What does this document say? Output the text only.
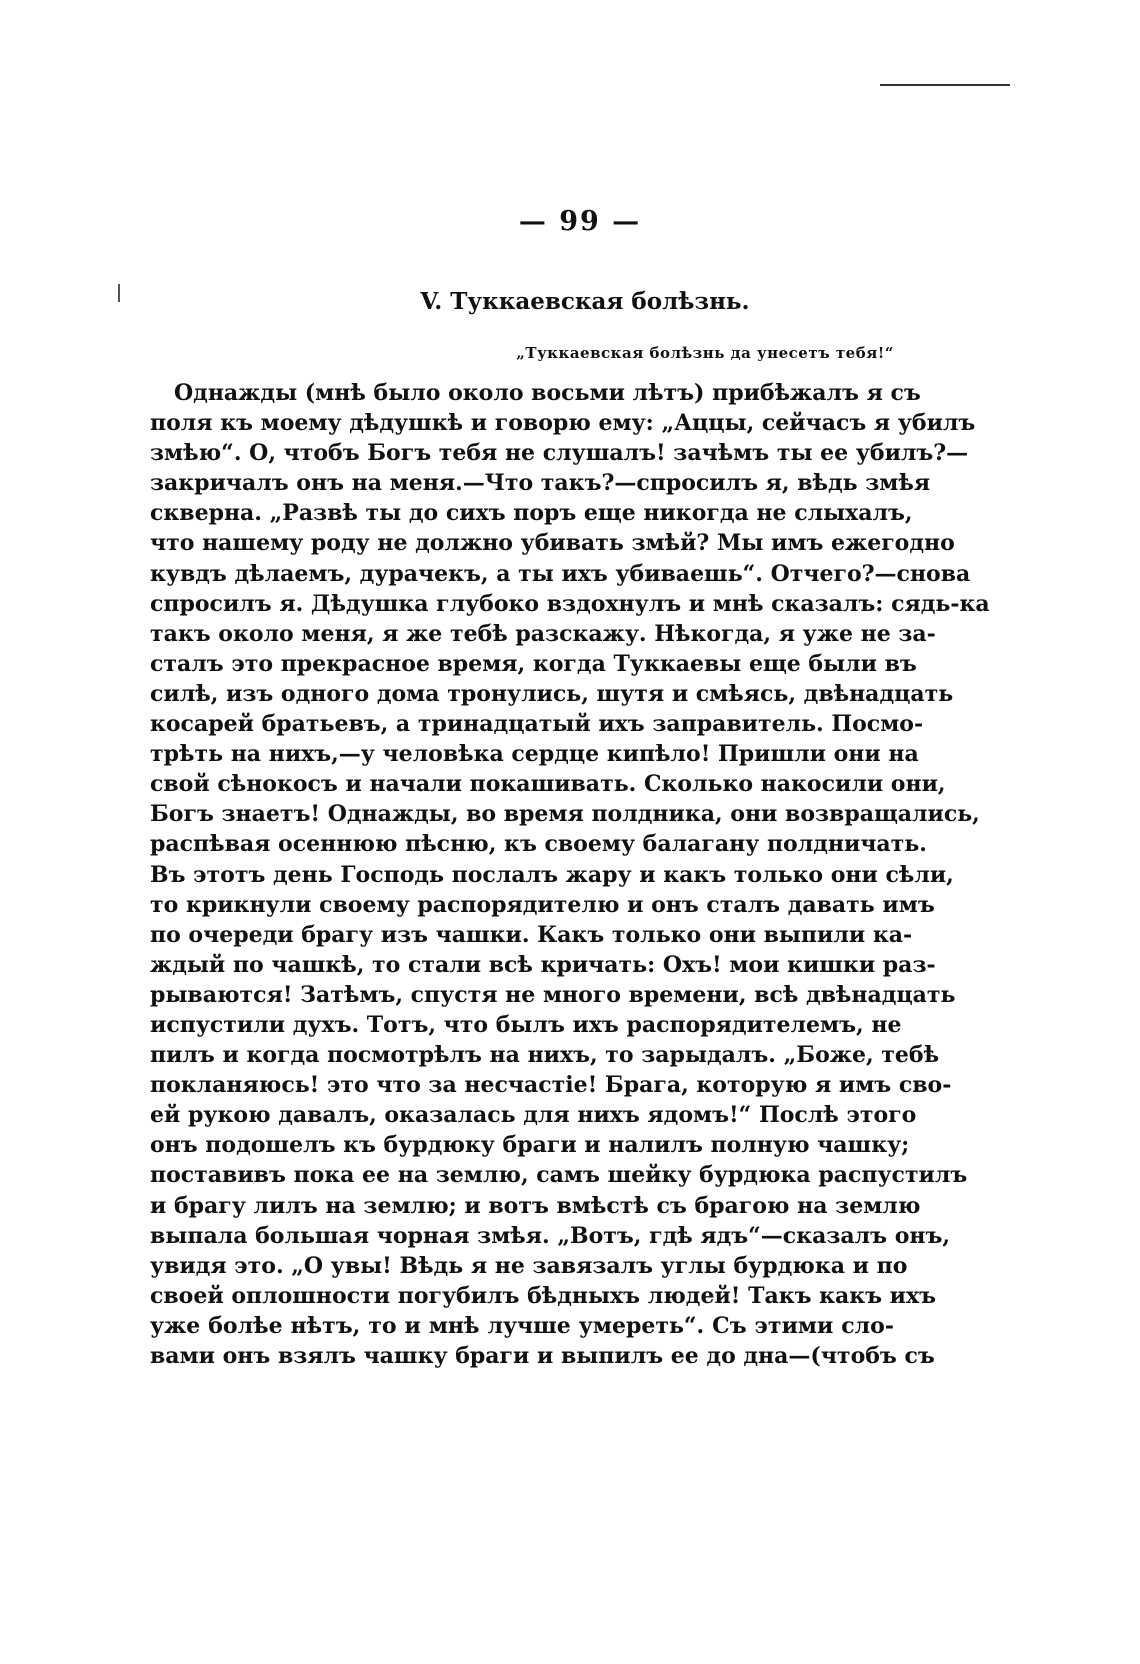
— 99 —
V. Туккаевская болѣзнь.
„Туккаевская болѣзнь да унесетъ тебя!“
Однажды (мнѣ было около восьми лѣтъ) прибѣжалъ я съ
поля къ моему дѣдушкѣ и говорю ему: „Аццы, сейчасъ я убилъ
змѣю“. О, чтобъ Богъ тебя не слушалъ! зачѣмъ ты ее убилъ?—
закричалъ онъ на меня.—Что такъ?—спросилъ я, вѣдь змѣя
скверна. „Развѣ ты до сихъ поръ еще никогда не слыхалъ,
что нашему роду не должно убивать змѣй? Мы имъ ежегодно
кувдъ дѣлаемъ, дурачекъ, а ты ихъ убиваешь“. Отчего?—снова
спросилъ я. Дѣдушка глубоко вздохнулъ и мнѣ сказалъ: сядь-ка
такъ около меня, я же тебѣ разскажу. Нѣкогда, я уже не за-
сталъ это прекрасное время, когда Туккаевы еще были въ
силѣ, изъ одного дома тронулись, шутя и смѣясь, двѣнадцать
косарей братьевъ, а тринадцатый ихъ заправитель. Посмо-
трѣть на нихъ,—у человѣка сердце кипѣло! Пришли они на
свой сѣнокосъ и начали покашивать. Сколько накосили они,
Богъ знаетъ! Однажды, во время полдника, они возвращались,
распѣвая осеннюю пѣсню, къ своему балагану полдничать.
Въ этотъ день Господь послалъ жару и какъ только они сѣли,
то крикнули своему распорядителю и онъ сталъ давать имъ
по очереди брагу изъ чашки. Какъ только они выпили ка-
ждый по чашкѣ, то стали всѣ кричать: Охъ! мои кишки раз-
рываются! Затѣмъ, спустя не много времени, всѣ двѣнадцать
испустили духъ. Тотъ, что былъ ихъ распорядителемъ, не
пилъ и когда посмотрѣлъ на нихъ, то зарыдалъ. „Боже, тебѣ
покланяюсь! это что за несчастіе! Брага, которую я имъ сво-
ей рукою давалъ, оказалась для нихъ ядомъ!“ Послѣ этого
онъ подошелъ къ бурдюку браги и налилъ полную чашку;
поставивъ пока ее на землю, самъ шейку бурдюка распустилъ
и брагу лилъ на землю; и вотъ вмѣстѣ съ брагою на землю
выпала большая чорная змѣя. „Вотъ, гдѣ ядъ“—сказалъ онъ,
увидя это. „О увы! Вѣдь я не завязалъ углы бурдюка и по
своей оплошности погубилъ бѣдныхъ людей! Такъ какъ ихъ
уже болѣе нѣтъ, то и мнѣ лучше умереть“. Съ этими сло-
вами онъ взялъ чашку браги и выпилъ ее до дна—(чтобъ съ
